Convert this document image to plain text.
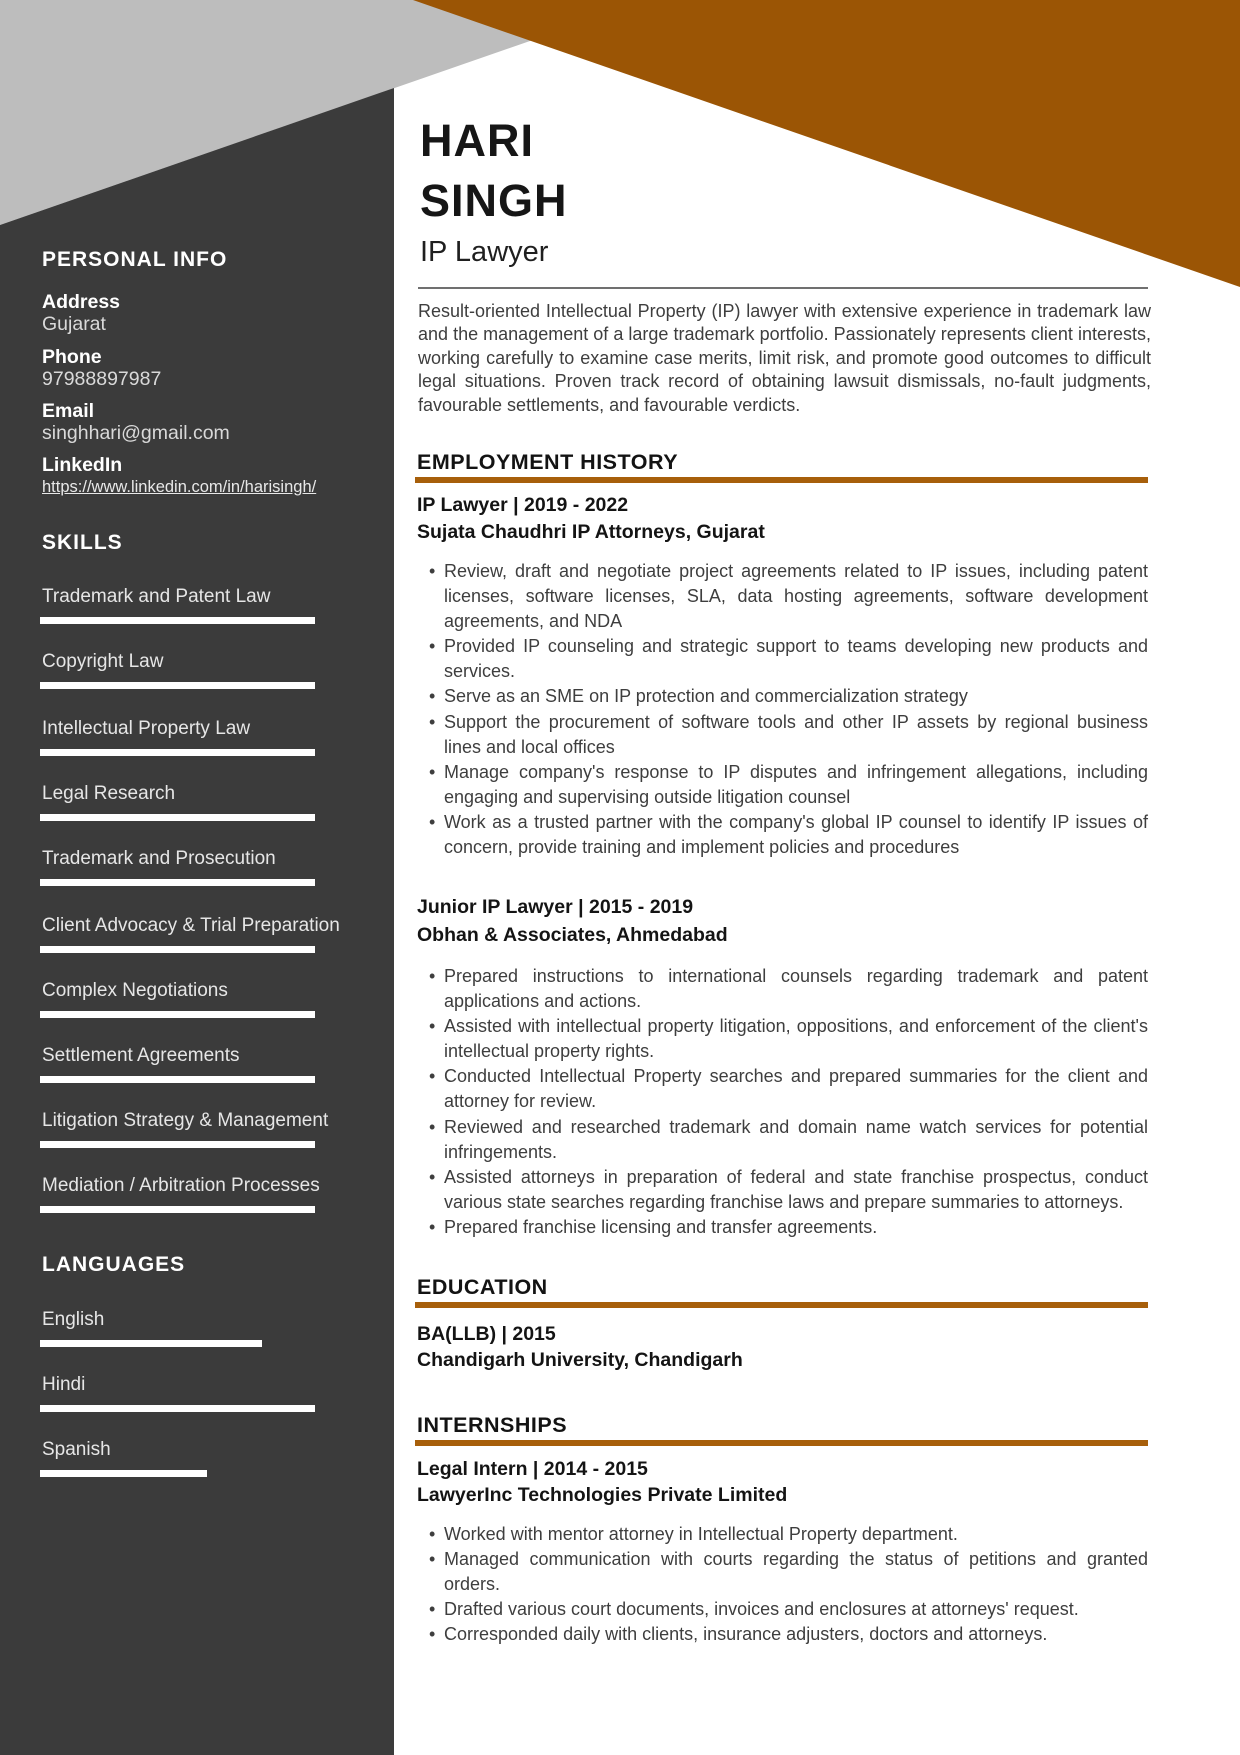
PERSONAL INFO
Address
Gujarat
Phone
97988897987
Email
singhhari@gmail.com
LinkedIn
https://www.linkedin.com/in/harisingh/
SKILLS
Trademark and Patent Law
Copyright Law
Intellectual Property Law
Legal Research
Trademark and Prosecution
Client Advocacy & Trial Preparation
Complex Negotiations
Settlement Agreements
Litigation Strategy & Management
Mediation / Arbitration Processes
LANGUAGES
English
Hindi
Spanish
HARI
SINGH
IP Lawyer
Result-oriented Intellectual Property (IP) lawyer with extensive experience in trademark law and the management of a large trademark portfolio. Passionately represents client interests, working carefully to examine case merits, limit risk, and promote good outcomes to difficult legal situations. Proven track record of obtaining lawsuit dismissals, no-fault judgments, favourable settlements, and favourable verdicts.
EMPLOYMENT HISTORY
IP Lawyer | 2019 - 2022
Sujata Chaudhri IP Attorneys, Gujarat
• Review, draft and negotiate project agreements related to IP issues, including patent licenses, software licenses, SLA, data hosting agreements, software development agreements, and NDA
• Provided IP counseling and strategic support to teams developing new products and services.
• Serve as an SME on IP protection and commercialization strategy
• Support the procurement of software tools and other IP assets by regional business lines and local offices
• Manage company's response to IP disputes and infringement allegations, including engaging and supervising outside litigation counsel
• Work as a trusted partner with the company's global IP counsel to identify IP issues of concern, provide training and implement policies and procedures
Junior IP Lawyer | 2015 - 2019
Obhan & Associates, Ahmedabad
• Prepared instructions to international counsels regarding trademark and patent applications and actions.
• Assisted with intellectual property litigation, oppositions, and enforcement of the client's intellectual property rights.
• Conducted Intellectual Property searches and prepared summaries for the client and attorney for review.
• Reviewed and researched trademark and domain name watch services for potential infringements.
• Assisted attorneys in preparation of federal and state franchise prospectus, conduct various state searches regarding franchise laws and prepare summaries to attorneys.
• Prepared franchise licensing and transfer agreements.
EDUCATION
BA(LLB) | 2015
Chandigarh University, Chandigarh
INTERNSHIPS
Legal Intern | 2014 - 2015
LawyerInc Technologies Private Limited
• Worked with mentor attorney in Intellectual Property department.
• Managed communication with courts regarding the status of petitions and granted orders.
• Drafted various court documents, invoices and enclosures at attorneys' request.
• Corresponded daily with clients, insurance adjusters, doctors and attorneys.
